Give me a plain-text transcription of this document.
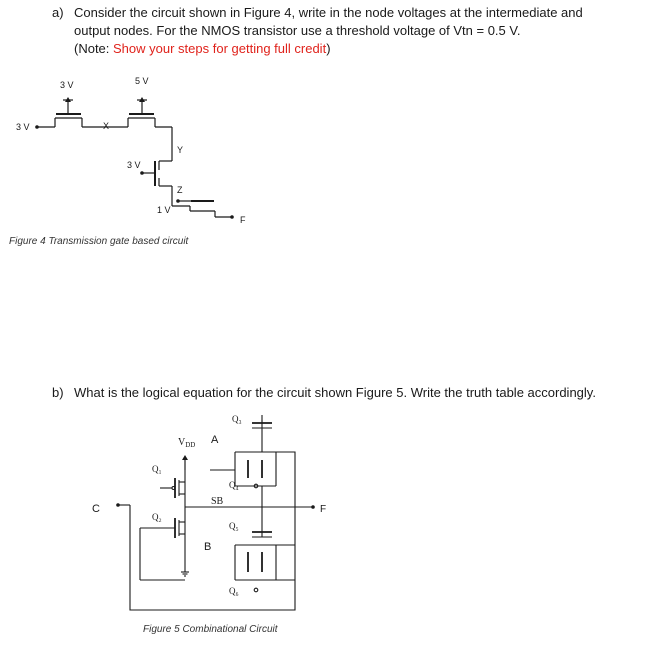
a) Consider the circuit shown in Figure 4, write in the node voltages at the intermediate and
output nodes. For the NMOS transistor use a threshold voltage of Vtn = 0.5 V.
(Note: Show your steps for getting full credit)
3 V	5 V
3 V	X
Y
3 V
Z
1 V
F
Figure 4 Transmission gate based circuit
b) What is the logical equation for the circuit shown Figure 5. Write the truth table accordingly.
Q₃
$V_{DD}$ A
Q₁
Q₄
SB
C	F
Q₂
Q₅
B
Q₆
Figure 5 Combinational Circuit
